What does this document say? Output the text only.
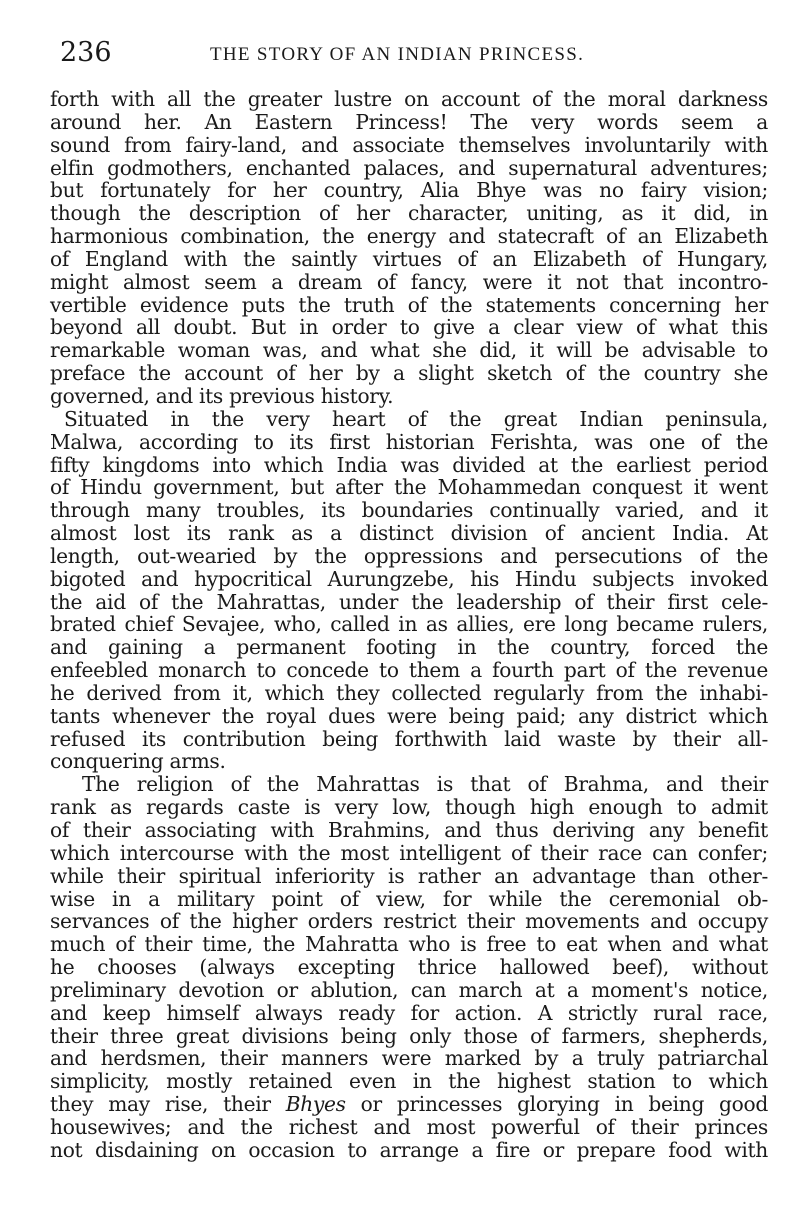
236	THE STORY OF AN INDIAN PRINCESS.
forth with all the greater lustre on account of the moral darkness
around her. An Eastern Princess! The very words seem a
sound from fairy-land, and associate themselves involuntarily with
elfin godmothers, enchanted palaces, and supernatural adventures;
but fortunately for her country, Alia Bhye was no fairy vision;
though the description of her character, uniting, as it did, in
harmonious combination, the energy and statecraft of an Elizabeth
of England with the saintly virtues of an Elizabeth of Hungary,
might almost seem a dream of fancy, were it not that incontro-
vertible evidence puts the truth of the statements concerning her
beyond all doubt. But in order to give a clear view of what this
remarkable woman was, and what she did, it will be advisable to
preface the account of her by a slight sketch of the country she
governed, and its previous history.
Situated in the very heart of the great Indian peninsula,
Malwa, according to its first historian Ferishta, was one of the
fifty kingdoms into which India was divided at the earliest period
of Hindu government, but after the Mohammedan conquest it went
through many troubles, its boundaries continually varied, and it
almost lost its rank as a distinct division of ancient India. At
length, out-wearied by the oppressions and persecutions of the
bigoted and hypocritical Aurungzebe, his Hindu subjects invoked
the aid of the Mahrattas, under the leadership of their first cele-
brated chief Sevajee, who, called in as allies, ere long became rulers,
and gaining a permanent footing in the country, forced the
enfeebled monarch to concede to them a fourth part of the revenue
he derived from it, which they collected regularly from the inhabi-
tants whenever the royal dues were being paid; any district which
refused its contribution being forthwith laid waste by their all-
conquering arms.
The religion of the Mahrattas is that of Brahma, and their
rank as regards caste is very low, though high enough to admit
of their associating with Brahmins, and thus deriving any benefit
which intercourse with the most intelligent of their race can confer;
while their spiritual inferiority is rather an advantage than other-
wise in a military point of view, for while the ceremonial ob-
servances of the higher orders restrict their movements and occupy
much of their time, the Mahratta who is free to eat when and what
he chooses (always excepting thrice hallowed beef), without
preliminary devotion or ablution, can march at a moment's notice,
and keep himself always ready for action. A strictly rural race,
their three great divisions being only those of farmers, shepherds,
and herdsmen, their manners were marked by a truly patriarchal
simplicity, mostly retained even in the highest station to which
they may rise, their Bhyes or princesses glorying in being good
housewives; and the richest and most powerful of their princes
not disdaining on occasion to arrange a fire or prepare food with
